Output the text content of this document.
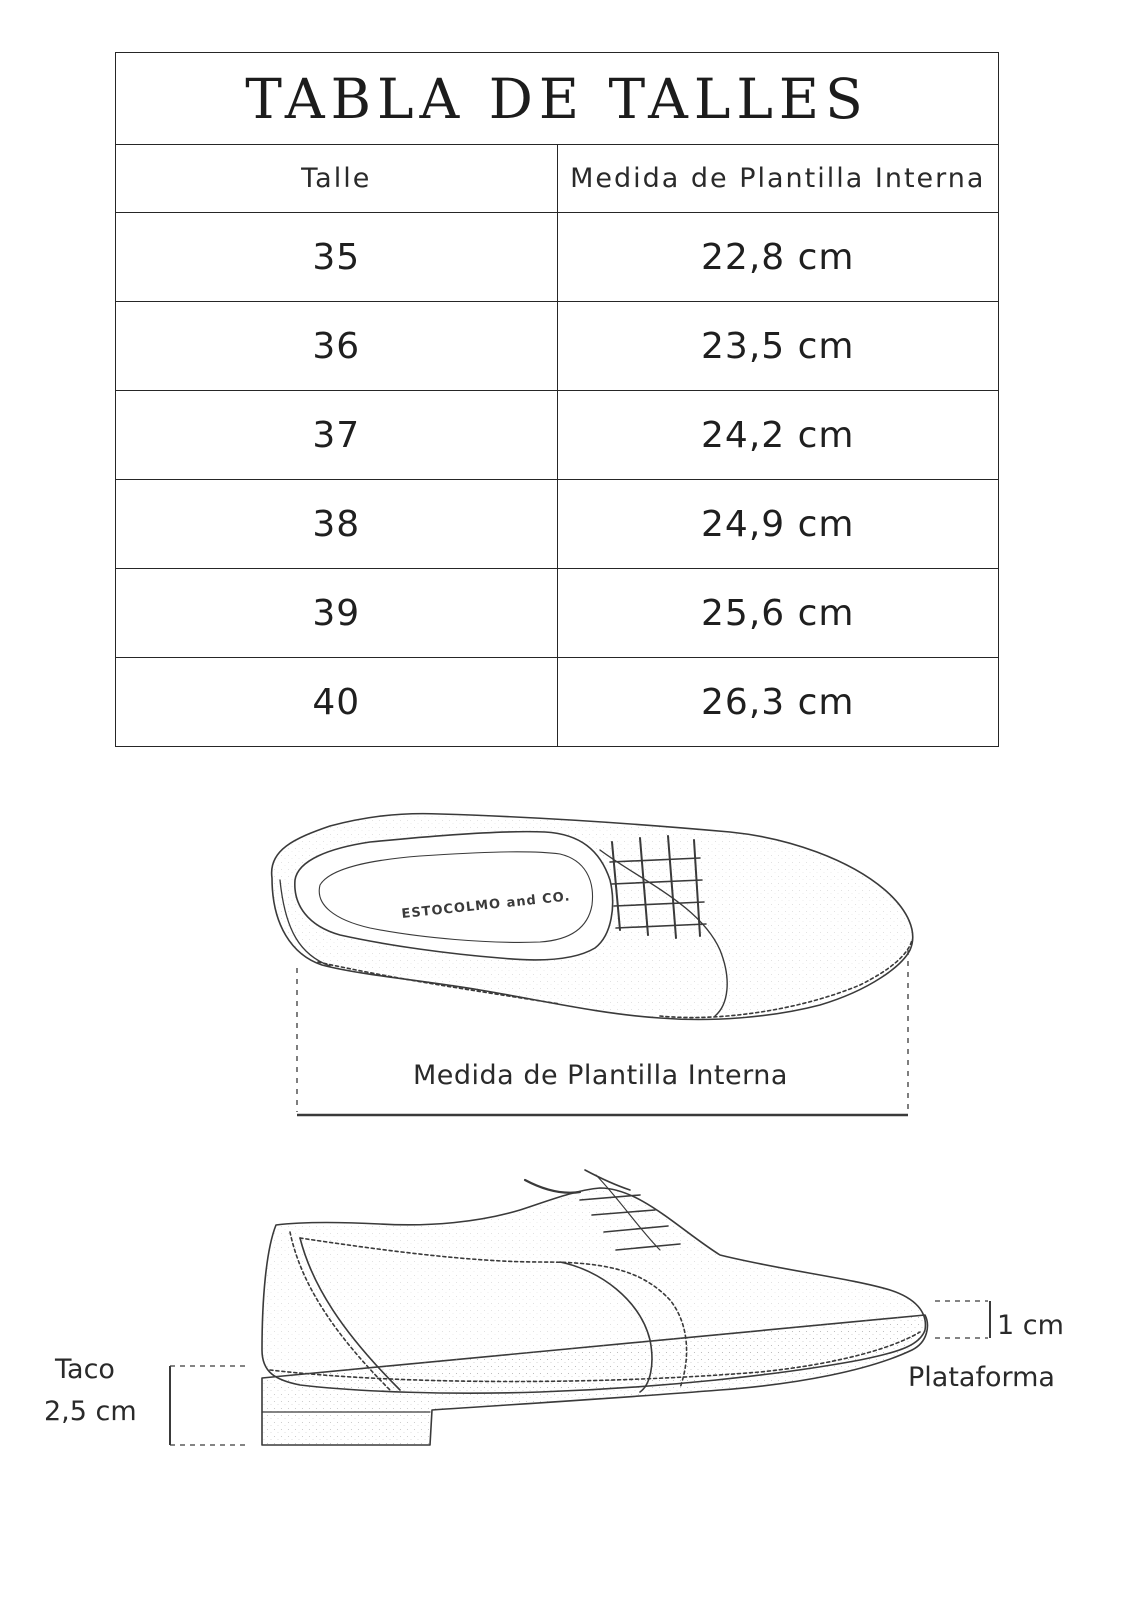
TABLA DE TALLES	
Talle	Medida de Plantilla Interna
35	22,8 cm
36	23,5 cm
37	24,2 cm
38	24,9 cm
39	25,6 cm
40	26,3 cm
ESTOCOLMO and CO.
Medida de Plantilla Interna
Taco
2,5 cm
1 cm
Plataforma
